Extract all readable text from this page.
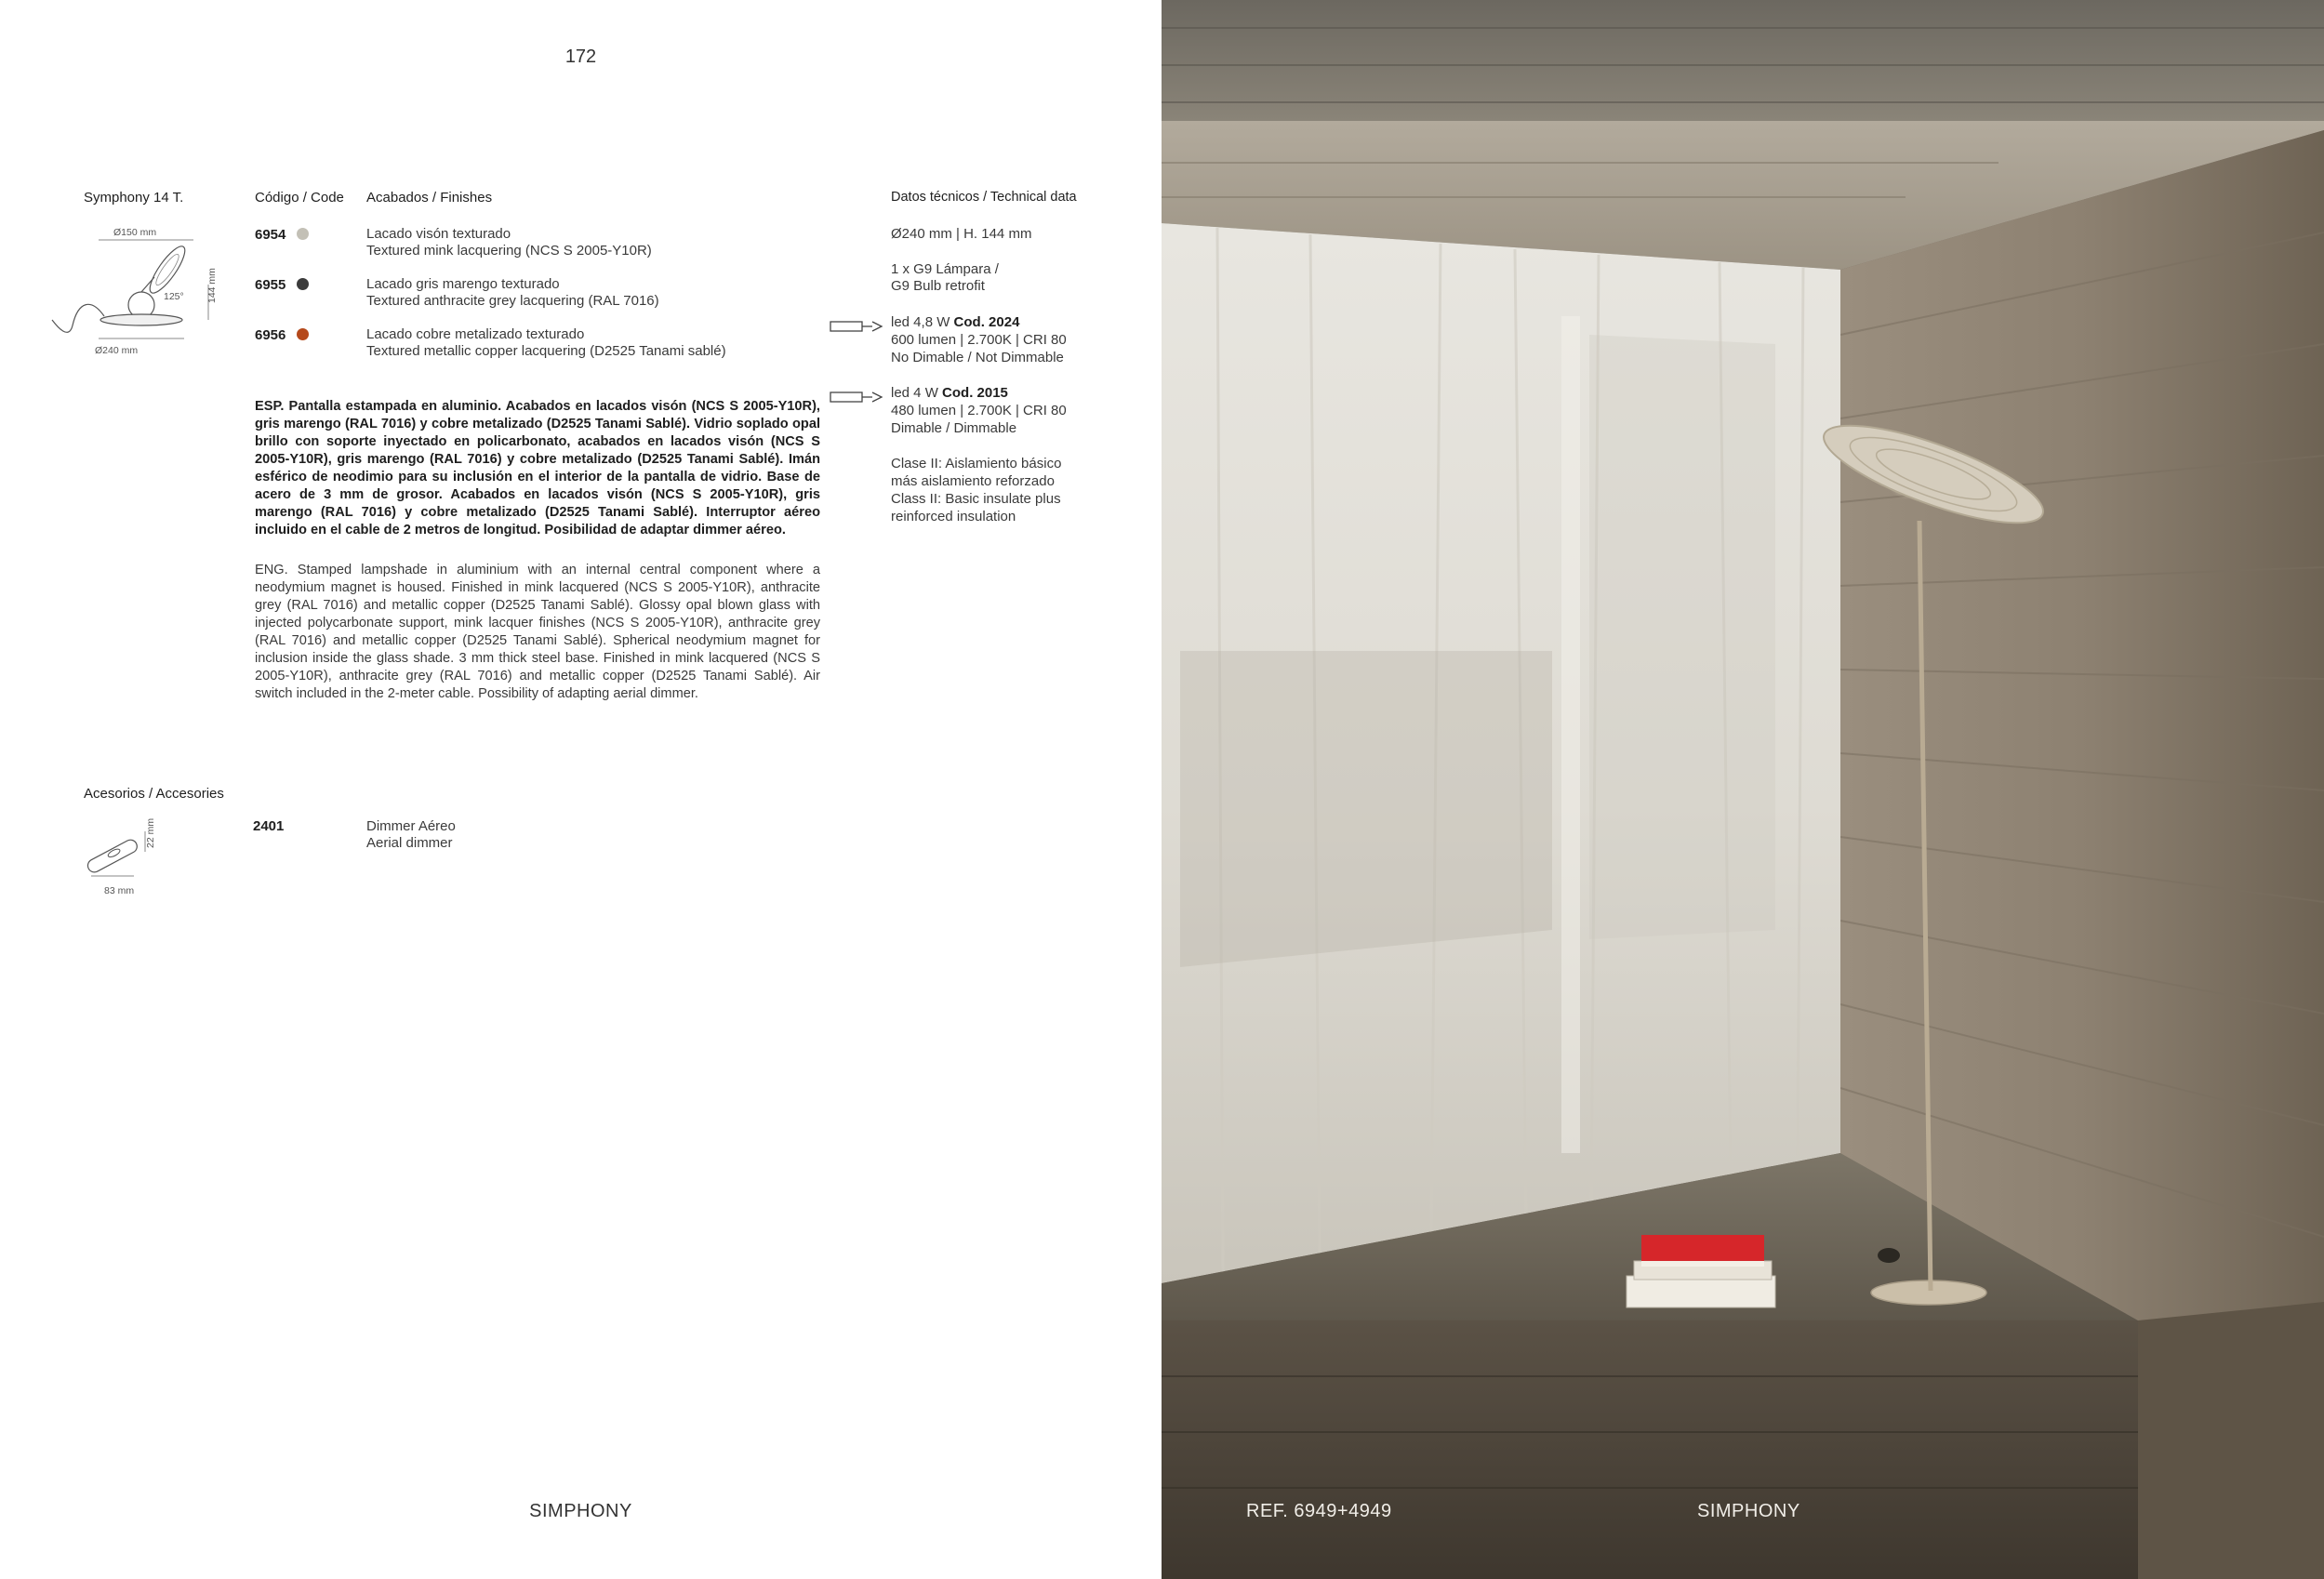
172
Symphony 14 T.
Ø150 mm
125° 144 mm
Ø240 mm
Código / Code Acabados / Finishes	Datos técnicos / Technical data
6954	Lacado visón texturado
Textured mink lacquering (NCS S 2005-Y10R)
6955	Lacado gris marengo texturado
Textured anthracite grey lacquering (RAL 7016)
6956	Lacado cobre metalizado texturado
Textured metallic copper lacquering (D2525 Tanami sablé)
ESP. Pantalla estampada en aluminio. Acabados en lacados visón (NCS S 2005-Y10R), gris marengo (RAL 7016) y cobre metalizado (D2525 Tanami Sablé). Vidrio soplado opal brillo con soporte inyectado en policarbonato, acabados en lacados visón (NCS S 2005-Y10R), gris marengo (RAL 7016) y cobre metalizado (D2525 Tanami Sablé). Imán esférico de neodimio para su inclusión en el interior de la pantalla de vidrio. Base de acero de 3 mm de grosor. Acabados en lacados visón (NCS S 2005-Y10R), gris marengo (RAL 7016) y cobre metalizado (D2525 Tanami Sablé). Interruptor aéreo incluido en el cable de 2 metros de longitud. Posibilidad de adaptar dimmer aéreo.
ENG. Stamped lampshade in aluminium with an internal central component where a neodymium magnet is housed. Finished in mink lacquered (NCS S 2005-Y10R), anthracite grey (RAL 7016) and metallic copper (D2525 Tanami Sablé). Glossy opal blown glass with injected polycarbonate support, mink lacquer finishes (NCS S 2005-Y10R), anthracite grey (RAL 7016) and metallic copper (D2525 Tanami Sablé). Spherical neodymium magnet for inclusion inside the glass shade. 3 mm thick steel base. Finished in mink lacquered (NCS S 2005-Y10R), anthracite grey (RAL 7016) and metallic copper (D2525 Tanami Sablé). Air switch included in the 2-meter cable. Possibility of adapting aerial dimmer.
Ø240 mm | H. 144 mm
1 x G9 Lámpara /
G9 Bulb retrofit
led 4,8 W Cod. 2024
600 lumen | 2.700K | CRI 80
No Dimable / Not Dimmable
led 4 W Cod. 2015
480 lumen | 2.700K | CRI 80
Dimable / Dimmable
Clase II: Aislamiento básico
más aislamiento reforzado
Class II: Basic insulate plus
reinforced insulation
Acesorios / Accesories
22 mm
83 mm
2401	Dimmer Aéreo
Aerial dimmer
SIMPHONY	REF. 6949+4949	SIMPHONY
